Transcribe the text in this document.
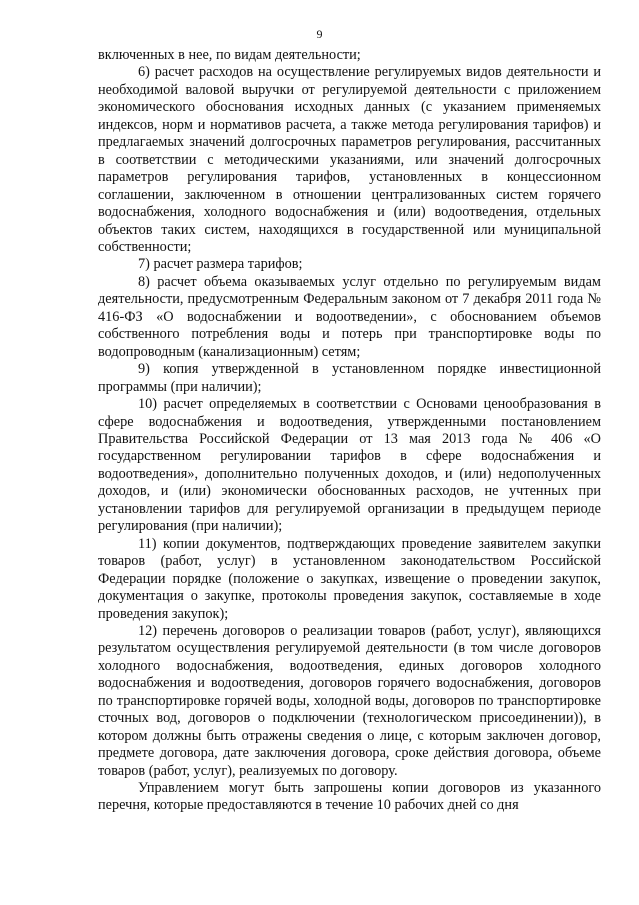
9

включенных в нее, по видам деятельности;

6) расчет расходов на осуществление регулируемых видов деятельности и необходимой валовой выручки от регулируемой деятельности с приложением экономического обоснования исходных данных (с указанием применяемых индексов, норм и нормативов расчета, а также метода регулирования тарифов) и предлагаемых значений долгосрочных параметров регулирования, рассчитанных в соответствии с методическими указаниями, или значений долгосрочных параметров регулирования тарифов, установленных в концессионном соглашении, заключенном в отношении централизованных систем горячего водоснабжения, холодного водоснабжения и (или) водоотведения, отдельных объектов таких систем, находящихся в государственной или муниципальной собственности;

7) расчет размера тарифов;

8) расчет объема оказываемых услуг отдельно по регулируемым видам деятельности, предусмотренным Федеральным законом от 7 декабря 2011 года № 416-ФЗ «О водоснабжении и водоотведении», с обоснованием объемов собственного потребления воды и потерь при транспортировке воды по водопроводным (канализационным) сетям;

9) копия утвержденной в установленном порядке инвестиционной программы (при наличии);

10) расчет определяемых в соответствии с Основами ценообразования в сфере водоснабжения и водоотведения, утвержденными постановлением Правительства Российской Федерации от 13 мая 2013 года № 406 «О государственном регулировании тарифов в сфере водоснабжения и водоотведения», дополнительно полученных доходов, и (или) недополученных доходов, и (или) экономически обоснованных расходов, не учтенных при установлении тарифов для регулируемой организации в предыдущем периоде регулирования (при наличии);

11) копии документов, подтверждающих проведение заявителем закупки товаров (работ, услуг) в установленном законодательством Российской Федерации порядке (положение о закупках, извещение о проведении закупок, документация о закупке, протоколы проведения закупок, составляемые в ходе проведения закупок);

12) перечень договоров о реализации товаров (работ, услуг), являющихся результатом осуществления регулируемой деятельности (в том числе договоров холодного водоснабжения, водоотведения, единых договоров холодного водоснабжения и водоотведения, договоров горячего водоснабжения, договоров по транспортировке горячей воды, холодной воды, договоров по транспортировке сточных вод, договоров о подключении (технологическом присоединении)), в котором должны быть отражены сведения о лице, с которым заключен договор, предмете договора, дате заключения договора, сроке действия договора, объеме товаров (работ, услуг), реализуемых по договору.

Управлением могут быть запрошены копии договоров из указанного перечня, которые предоставляются в течение 10 рабочих дней со дня
